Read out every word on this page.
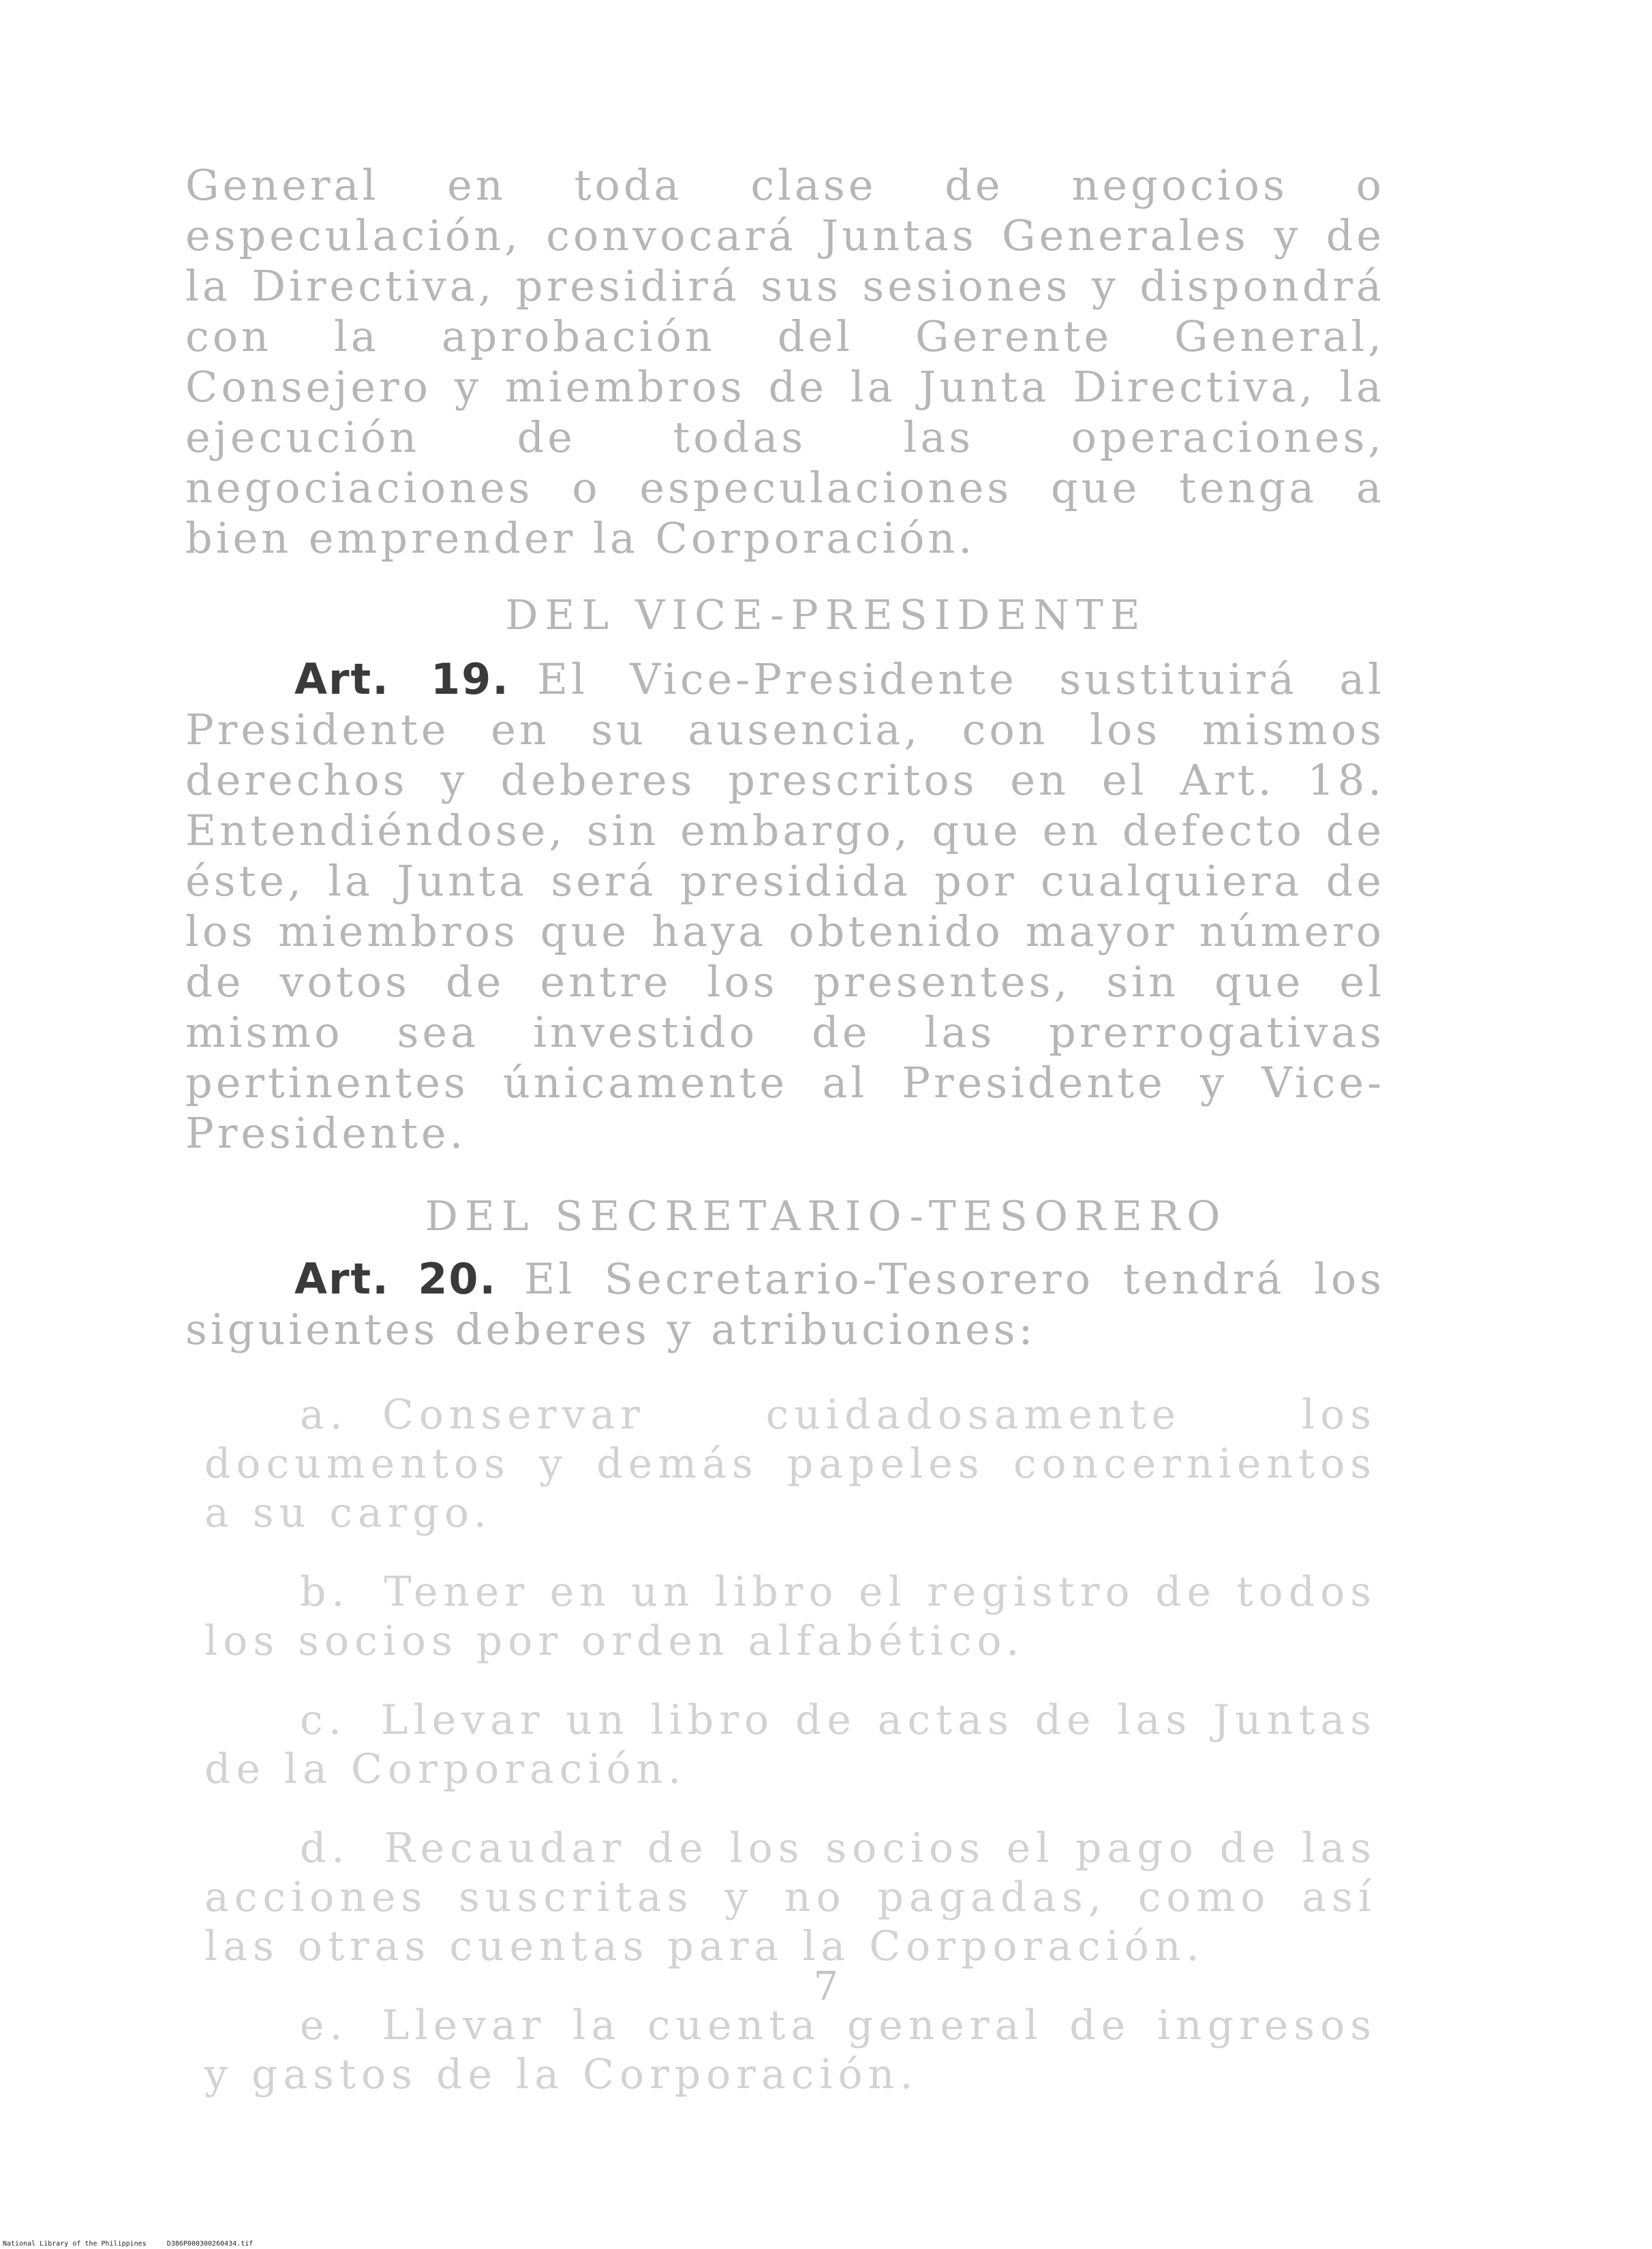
General en toda clase de negocios o especulación, convocará Juntas Generales y de la Directiva, presidirá sus sesiones y dispondrá con la aprobación del Gerente General, Consejero y miembros de la Junta Directiva, la ejecución de todas las operaciones, negociaciones o especulaciones que tenga a bien emprender la Corporación.

DEL VICE-PRESIDENTE

Art. 19. El Vice-Presidente sustituirá al Presidente en su ausencia, con los mismos derechos y deberes prescritos en el Art. 18. Entendiéndose, sin embargo, que en defecto de éste, la Junta será presidida por cualquiera de los miembros que haya obtenido mayor número de votos de entre los presentes, sin que el mismo sea investido de las prerrogativas pertinentes únicamente al Presidente y Vice-Presidente.

DEL SECRETARIO-TESORERO

Art. 20. El Secretario-Tesorero tendrá los siguientes deberes y atribuciones:

a. Conservar cuidadosamente los documentos y demás papeles concernientos a su cargo.
b. Tener en un libro el registro de todos los socios por orden alfabético.
c. Llevar un libro de actas de las Juntas de la Corporación.
d. Recaudar de los socios el pago de las acciones suscritas y no pagadas, como así las otras cuentas para la Corporación.
e. Llevar la cuenta general de ingresos y gastos de la Corporación.
7
National Library of the Philippines	D386P000300260434.tif
